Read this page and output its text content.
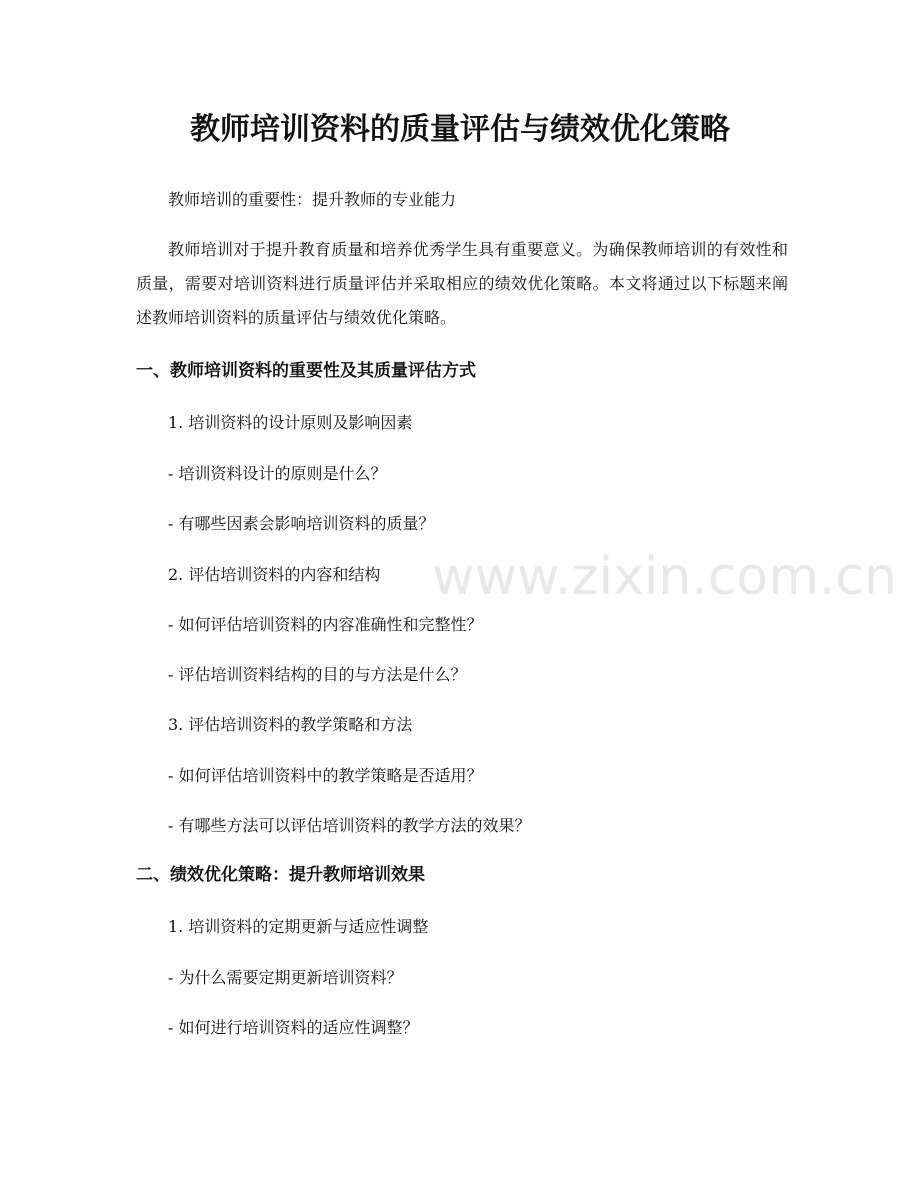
教师培训资料的质量评估与绩效优化策略

教师培训的重要性：提升教师的专业能力

教师培训对于提升教育质量和培养优秀学生具有重要意义。为确保教师培训的有效性和质量，需要对培训资料进行质量评估并采取相应的绩效优化策略。本文将通过以下标题来阐述教师培训资料的质量评估与绩效优化策略。

一、教师培训资料的重要性及其质量评估方式

1. 培训资料的设计原则及影响因素

- 培训资料设计的原则是什么？

- 有哪些因素会影响培训资料的质量？

2. 评估培训资料的内容和结构

- 如何评估培训资料的内容准确性和完整性？

- 评估培训资料结构的目的与方法是什么？

3. 评估培训资料的教学策略和方法

- 如何评估培训资料中的教学策略是否适用？

- 有哪些方法可以评估培训资料的教学方法的效果？

二、绩效优化策略：提升教师培训效果

1. 培训资料的定期更新与适应性调整

- 为什么需要定期更新培训资料？

- 如何进行培训资料的适应性调整？

www.zixin.com.cn
